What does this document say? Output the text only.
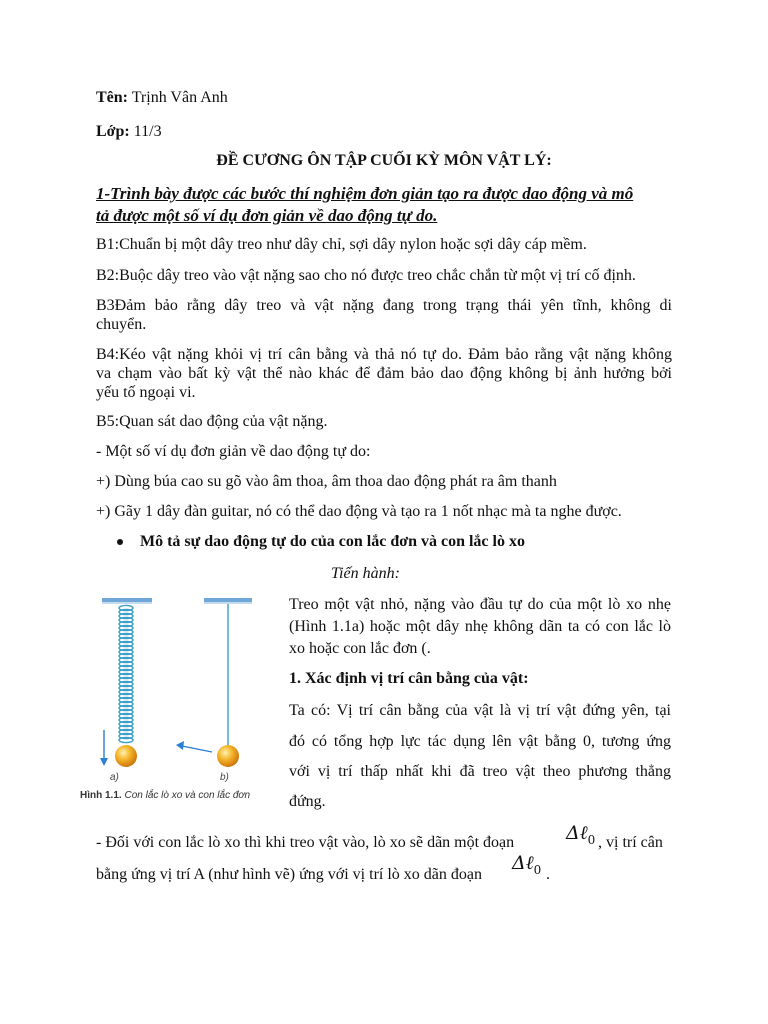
Tên: Trịnh Vân Anh
Lớp: 11/3
ĐỀ CƯƠNG ÔN TẬP CUỐI KỲ MÔN VẬT LÝ:
1-Trình bày được các bước thí nghiệm đơn giản tạo ra được dao động và mô
tả được một số ví dụ đơn giản về dao động tự do.
B1:Chuẩn bị một dây treo như dây chỉ, sợi dây nylon hoặc sợi dây cáp mềm.
B2:Buộc dây treo vào vật nặng sao cho nó được treo chắc chắn từ một vị trí cố định.
B3Đảm bảo rằng dây treo và vật nặng đang trong trạng thái yên tĩnh, không di
chuyển.
B4:Kéo vật nặng khỏi vị trí cân bằng và thả nó tự do. Đảm bảo rằng vật nặng không
va chạm vào bất kỳ vật thể nào khác để đảm bảo dao động không bị ảnh hưởng bởi
yếu tố ngoại vi.
B5:Quan sát dao động của vật nặng.
- Một số ví dụ đơn giản về dao động tự do:
+) Dùng búa cao su gõ vào âm thoa, âm thoa dao động phát ra âm thanh
+) Gãy 1 dây đàn guitar, nó có thể dao động và tạo ra 1 nốt nhạc mà ta nghe được.
Mô tả sự dao động tự do của con lắc đơn và con lắc lò xo
Tiến hành:
a)	b)
Hình 1.1. Con lắc lò xo và con lắc đơn
Treo một vật nhỏ, nặng vào đầu tự do của một lò xo nhẹ
(Hình 1.1a) hoặc một dây nhẹ không dãn ta có con lắc lò
xo hoặc con lắc đơn (.
1. Xác định vị trí cân bằng của vật:
Ta có: Vị trí cân bằng của vật là vị trí vật đứng yên, tại
đó có tổng hợp lực tác dụng lên vật bằng 0, tương ứng
với vị trí thấp nhất khi đã treo vật theo phương thẳng
đứng.
- Đối với con lắc lò xo thì khi treo vật vào, lò xo sẽ dãn một đoạn	Δℓ$_0$ , vị trí cân
bằng ứng vị trí A (như hình vẽ) ứng với vị trí lò xo dãn đoạn
Δℓ$_0$ .
